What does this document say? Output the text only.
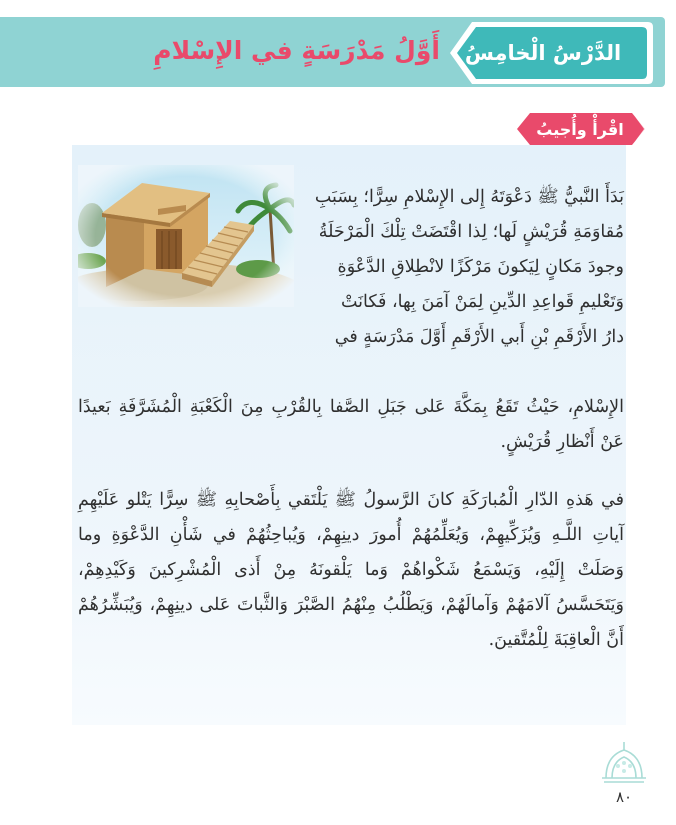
الدَّرْسُ الْخامِسُ
أَوَّلُ مَدْرَسَةٍ في الإِسْلامِ
اقْرأْ وأُجيبُ

بَدَأَ النَّبيُّ ﷺ دَعْوَتَهُ إِلى الإِسْلامِ سِرًّا؛ بِسَبَبِ
مُقاوَمَةِ قُرَيْشٍ لَها؛ لِذا اقْتَضَتْ تِلْكَ الْمَرْحَلَةُ
وجودَ مَكانٍ لِيَكونَ مَرْكَزًا لانْطِلاقِ الدَّعْوَةِ
وَتَعْليمِ قَواعِدِ الدِّينِ لِمَنْ آمَنَ بِها، فَكانَتْ
دارُ الأَرْقَمِ بْنِ أَبي الأَرْقَمِ أَوَّلَ مَدْرَسَةٍ في

الإِسْلامِ، حَيْثُ تَقَعُ بِمَكَّةَ عَلى جَبَلِ الصَّفا بِالقُرْبِ مِنَ الْكَعْبَةِ الْمُشَرَّفَةِ بَعيدًا عَنْ أَنْظارِ قُرَيْشٍ.

في هَذهِ الدّارِ الْمُبارَكَةِ كانَ الرَّسولُ ﷺ يَلْتَقي بِأَصْحابِهِ ﷺ سِرًّا يَتْلو عَلَيْهِمِ آياتِ اللَّـهِ وَيُزَكِّيهِمْ، وَيُعَلِّمُهُمْ أُمورَ دينِهِمْ، وَيُباحِثُهُمْ في شَأْنِ الدَّعْوَةِ وما وَصَلَتْ إِلَيْهِ، وَيَسْمَعُ شَكْواهُمْ وَما يَلْقونَهُ مِنْ أَذى الْمُشْرِكينَ وَكَيْدِهِمْ، وَيَتَحَسَّسُ آلامَهُمْ وَآمالَهُمْ، وَيَطْلُبُ مِنْهُمُ الصَّبْرَ وَالثَّباتَ عَلى دينِهِمْ، وَيُبَشِّرُهُمْ أَنَّ الْعاقِبَةَ لِلْمُتَّقينَ.

٨٠
